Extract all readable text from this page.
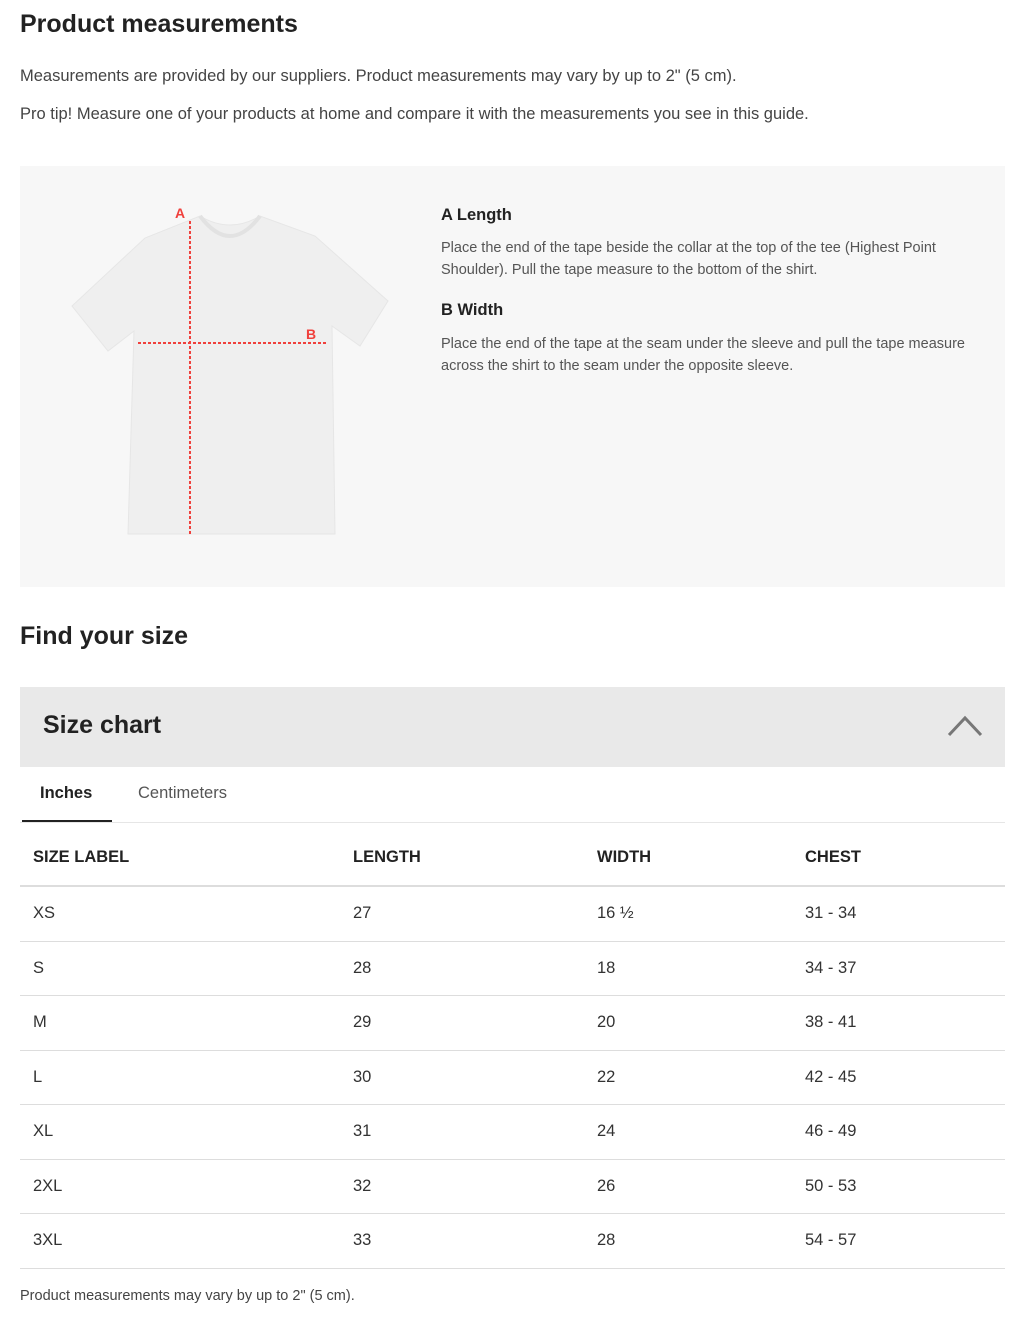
Product measurements

Measurements are provided by our suppliers. Product measurements may vary by up to 2" (5 cm).

Pro tip! Measure one of your products at home and compare it with the measurements you see in this guide.

A
B
A Length
Place the end of the tape beside the collar at the top of the tee (Highest Point Shoulder). Pull the tape measure to the bottom of the shirt.
B Width
Place the end of the tape at the seam under the sleeve and pull the tape measure across the shirt to the seam under the opposite sleeve.
Find your size
Size chart
Inches	Centimeters
SIZE LABEL	LENGTH	WIDTH	CHEST
XS	27	16 ½	31 - 34
S	28	18	34 - 37
M	29	20	38 - 41
L	30	22	42 - 45
XL	31	24	46 - 49
2XL	32	26	50 - 53
3XL	33	28	54 - 57
Product measurements may vary by up to 2" (5 cm).
